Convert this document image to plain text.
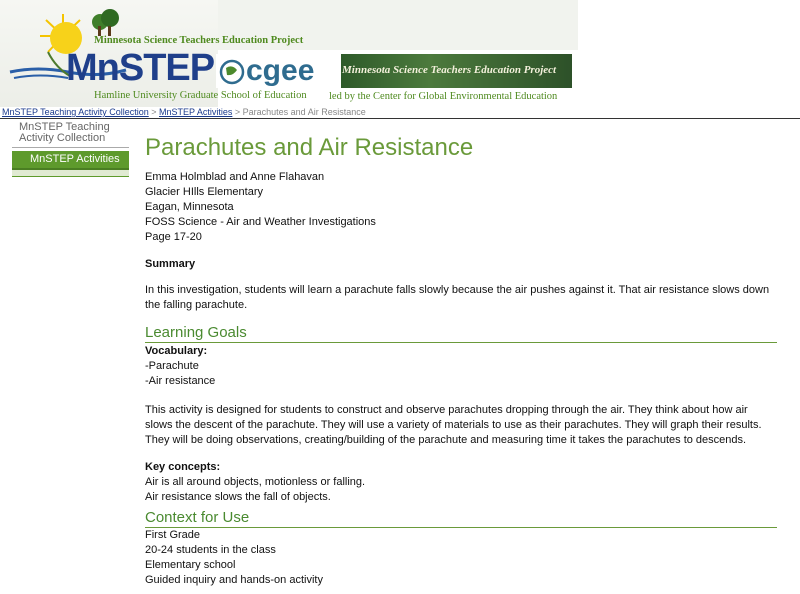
Minnesota Science Teachers Education Project
MnSTEP
Hamline University Graduate School of Education
cgee	Minnesota Science Teachers Education Project
led by the Center for Global Environmental Education
MnSTEP Teaching Activity Collection > MnSTEP Activities > Parachutes and Air Resistance
MnSTEP Teaching Activity Collection
MnSTEP Activities	Parachutes and Air Resistance
Emma Holmblad and Anne Flahavan
Glacier HIlls Elementary
Eagan, Minnesota
FOSS Science - Air and Weather Investigations
Page 17-20
Summary

In this investigation, students will learn a parachute falls slowly because the air pushes against it. That air resistance slows down the falling parachute.

Learning Goals
Vocabulary:
-Parachute
-Air resistance

This activity is designed for students to construct and observe parachutes dropping through the air. They think about how air slows the descent of the parachute. They will use a variety of materials to use as their parachutes. They will graph their results. They will be doing observations, creating/building of the parachute and measuring time it takes the parachutes to descends.

Key concepts:
Air is all around objects, motionless or falling.
Air resistance slows the fall of objects.
Context for Use
First Grade
20-24 students in the class
Elementary school
Guided inquiry and hands-on activity
